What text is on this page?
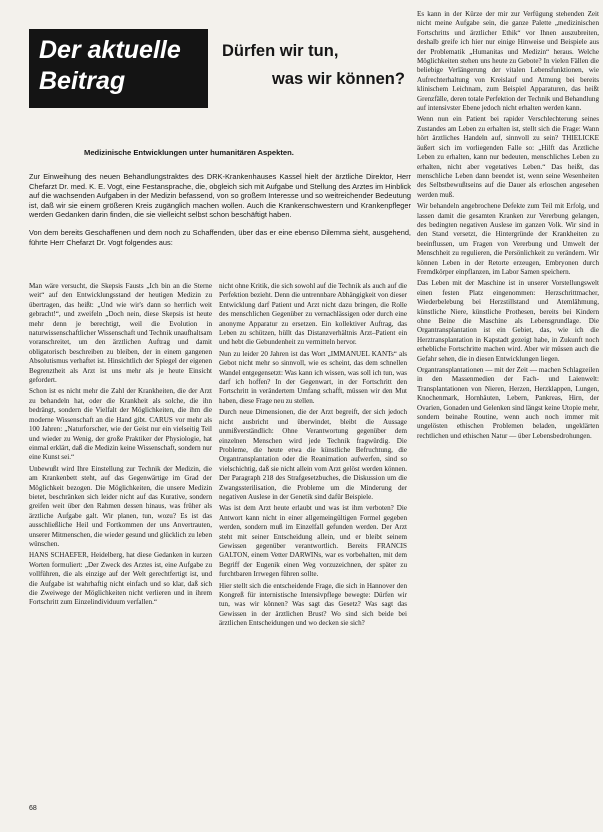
Der aktuelle
Beitrag
Dürfen wir tun,
was wir können?
Medizinische Entwicklungen unter humanitären Aspekten.

Zur Einweihung des neuen Behandlungstraktes des DRK-Krankenhauses Kassel hielt der ärztliche Direktor, Herr Chefarzt Dr. med. K. E. Vogt, eine Festansprache, die, obgleich sich mit Aufgabe und Stellung des Arztes im Hinblick auf die wachsenden Aufgaben in der Medizin befassend, von so großem Interesse und so weitreichender Bedeutung ist, daß wir sie einem größeren Kreis zugänglich machen wollen. Auch die Krankenschwestern und Krankenpfleger werden Gedanken darin finden, die sie vielleicht selbst schon beschäftigt haben.

Von dem bereits Geschaffenen und dem noch zu Schaffenden, über das er eine ebenso Dilemma sieht, ausgehend, führte Herr Chefarzt Dr. Vogt folgendes aus:

Man wäre versucht, die Skepsis Fausts „Ich bin an die Sterne weit“ auf den Entwicklungsstand der heutigen Medizin zu übertragen, das heißt: „Und wie wir's dann so herrlich weit gebracht!“, und zweifeln „Doch nein, diese Skepsis ist heute mehr denn je berechtigt, weil die Evolution in naturwissenschaftlicher Wissenschaft und Technik unaufhaltsam voranschreitet, um den ärztlichen Auftrag und damit obligatorisch beschreiben zu bleiben, der in einem gangenen Absolutismus verhaftet ist. Hinsichtlich der Spiegel der eigenen Begrenztheit als Arzt ist uns mehr als je heute Einsicht gefordert.

Schon ist es nicht mehr die Zahl der Krankheiten, die der Arzt zu behandeln hat, oder die Krankheit als solche, die ihn bedrängt, sondern die Vielfalt der Möglichkeiten, die ihm die moderne Wissenschaft an die Hand gibt. CARUS vor mehr als 100 Jahren: „Naturforscher, wie der Geist nur ein vielseitig Teil und wieder zu Wenig, der große Praktiker der Physiologie, hat einmal erklärt, daß die Medizin keine Wissenschaft, sondern nur eine Kunst sei.“

Unbewußt wird Ihre Einstellung zur Technik der Medizin, die am Krankenbett steht, auf das Gegenwärtige im Grad der Möglichkeit bezogen. Die Möglichkeiten, die unsere Medizin bietet, beschränken sich leider nicht auf das Kurative, sondern greifen weit über den Rahmen dessen hinaus, was früher als ärztliche Aufgabe galt. Wir planen, tun, wozu? Es ist das ausschließliche Heil und Fortkommen der uns Anvertrauten, unserer Mitmenschen, die wieder gesund und glücklich zu leben wünschen.

HANS SCHAEFER, Heidelberg, hat diese Gedanken in kurzen Worten formuliert: „Der Zweck des Arztes ist, eine Aufgabe zu vollführen, die als einzige auf der Welt gerechtfertigt ist, und die Aufgabe ist wahrhaftig nicht einfach und so klar, daß sich die Zweiwege der Möglichkeiten nicht verlieren und in ihrem Fortschritt zum Einzelindividuum verfallen.“

nicht ohne Kritik, die sich sowohl auf die Technik als auch auf die Perfektion bezieht. Denn die untrennbare Abhängigkeit von dieser Entwicklung darf Patient und Arzt nicht dazu bringen, die Rolle des menschlichen Gegenüber zu vernachlässigen oder durch eine anonyme Apparatur zu ersetzen. Ein kollektiver Auftrag, das Leben zu schützen, hüllt das Distanzverhältnis Arzt–Patient ein und hebt die Gebundenheit zu vermitteln hervor.

Nun zu leider 20 Jahren ist das Wort „IMMANUEL KANTs“ als Gebot nicht mehr so sinnvoll, wie es scheint, das dem schnellen Wandel entgegensetzt: Was kann ich wissen, was soll ich tun, was darf ich hoffen? In der Gegenwart, in der Fortschritt den Fortschritt in verändertem Umfang schafft, müssen wir den Mut haben, diese Frage neu zu stellen.

Durch neue Dimensionen, die der Arzt begreift, der sich jedoch nicht ausbricht und überwindet, bleibt die Aussage unmißverständlich: Ohne Verantwortung gegenüber dem einzelnen Menschen wird jede Technik fragwürdig. Die Probleme, die heute etwa die künstliche Befruchtung, die Organtransplantation oder die Reanimation aufwerfen, sind so vielschichtig, daß sie nicht allein vom Arzt gelöst werden können. Der Paragraph 218 des Strafgesetzbuches, die Diskussion um die Zwangssterilisation, die Probleme um die Minderung der negativen Auslese in der Genetik sind dafür Beispiele.

Was ist dem Arzt heute erlaubt und was ist ihm verboten? Die Antwort kann nicht in einer allgemeingültigen Formel gegeben werden, sondern muß im Einzelfall gefunden werden. Der Arzt steht mit seiner Entscheidung allein, und er bleibt seinem Gewissen gegenüber verantwortlich. Bereits FRANCIS GALTON, einem Vetter DARWINs, war es vorbehalten, mit dem Begriff der Eugenik einen Weg vorzuzeichnen, der später zu furchtbaren Irrwegen führen sollte.

Hier stellt sich die entscheidende Frage, die sich in Hannover den Kongreß für internistische Intensivpflege bewegte: Dürfen wir tun, was wir können? Was sagt das Gesetz? Was sagt das Gewissen in der ärztlichen Brust? Wo sind sich beide bei ärztlichen Entscheidungen und wo decken sie sich?

Es kann in der Kürze der mir zur Verfügung stehenden Zeit nicht meine Aufgabe sein, die ganze Palette „medizinischen Fortschritts und ärztlicher Ethik“ vor Ihnen auszubreiten, deshalb greife ich hier nur einige Hinweise und Beispiele aus der Problematik „Humanitas und Medizin“ heraus. Welche Möglichkeiten stehen uns heute zu Gebote? In vielen Fällen die beliebige Verlängerung der vitalen Lebensfunktionen, wie Aufrechterhaltung von Kreislauf und Atmung bei bereits klinischem Leichnam, zum Beispiel Apparaturen, das heißt Grenzfälle, deren totale Perfektion der Technik und Behandlung auf intensivster Ebene jedoch nicht erhalten werden kann.

Wenn nun ein Patient bei rapider Verschlechterung seines Zustandes am Leben zu erhalten ist, stellt sich die Frage: Wann hört ärztliches Handeln auf, sinnvoll zu sein? THIELICKE äußert sich im vorliegenden Falle so: „Hilft das Ärztliche Leben zu erhalten, kann nur bedeuten, menschliches Leben zu erhalten, nicht aber vegetatives Leben.“ Das heißt, das menschliche Leben dann beendet ist, wenn seine Wesenheiten des Selbstbewußtseins auf die Dauer als erloschen angesehen werden muß.

Wir behandeln angebrochene Defekte zum Teil mit Erfolg, und lassen damit die gesamten Kranken zur Vererbung gelangen, des bedingten negativen Auslese im ganzen Volk. Wir sind in den Stand versetzt, die Hintergründe der Krankheiten zu beeinflussen, um Fragen von Vererbung und Umwelt der Menschheit zu regulieren, die Persönlichkeit zu verändern. Wir können Leben in der Retorte erzeugen, Embryonen durch Fremdkörper einpflanzen, im Labor Samen speichern.

Das Leben mit der Maschine ist in unserer Vorstellungswelt einen festen Platz eingenommen: Herzschrittmacher, Wiederbelebung bei Herzstillstand und Atemlähmung, künstliche Niere, künstliche Prothesen, bereits bei Kindern ohne Beine die Maschine als Lebensgrundlage. Die Organtransplantation ist ein Gebiet, das, wie ich die Herztransplantation in Kapstadt gezeigt habe, in Zukunft noch erhebliche Fortschritte machen wird. Aber wir müssen auch die Gefahr sehen, die in diesen Entwicklungen liegen.

Organtransplantationen — mit der Zeit — machen Schlagzeilen in den Massenmedien der Fach- und Laienwelt: Transplantationen von Nieren, Herzen, Herzklappen, Lungen, Knochenmark, Hornhäuten, Lebern, Pankreas, Hirn, der Ovarien, Gonaden und Gelenken sind längst keine Utopie mehr, sondern beinahe Routine, wenn auch noch immer mit ungelösten ethischen Problemen beladen, ungeklärten rechtlichen und ethischen Natur — über Lebensbedrohungen.

68
